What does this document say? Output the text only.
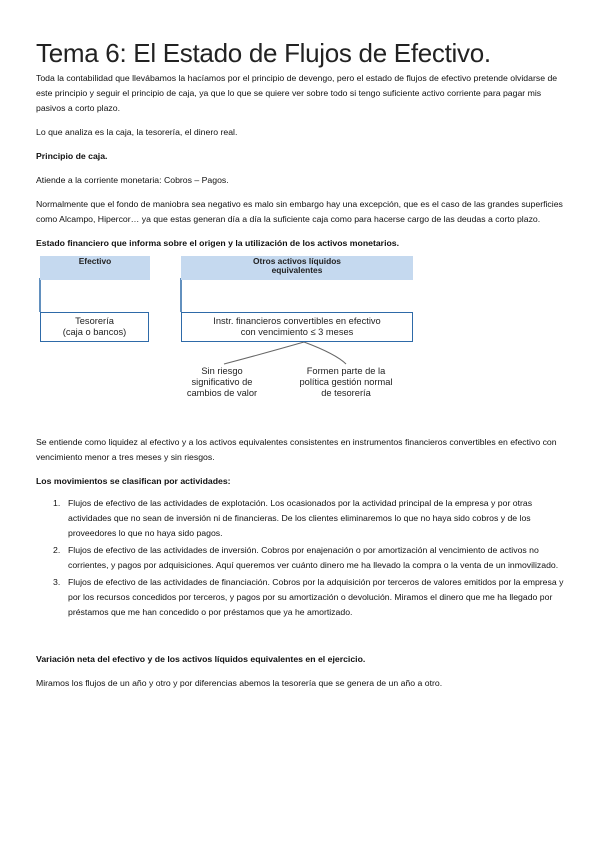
Tema 6: El Estado de Flujos de Efectivo.

Toda la contabilidad que llevábamos la hacíamos por el principio de devengo, pero el estado de flujos de efectivo pretende olvidarse de este principio y seguir el principio de caja, ya que lo que se quiere ver sobre todo si tengo suficiente activo corriente para pagar mis pasivos a corto plazo.

Lo que analiza es la caja, la tesorería, el dinero real.

Principio de caja.

Atiende a la corriente monetaria: Cobros – Pagos.

Normalmente que el fondo de maniobra sea negativo es malo sin embargo hay una excepción, que es el caso de las grandes superficies como Alcampo, Hipercor… ya que estas generan día a día la suficiente caja como para hacerse cargo de las deudas a corto plazo.

Estado financiero que informa sobre el origen y la utilización de los activos monetarios.

Efectivo	Otros activos líquidos
equivalentes
Tesorería
(caja o bancos)
Instr. financieros convertibles en efectivo
con vencimiento ≤ 3 meses
Sin riesgo
significativo de
cambios de valor
Formen parte de la
política gestión normal
de tesorería

Se entiende como liquidez al efectivo y a los activos equivalentes consistentes en instrumentos financieros convertibles en efectivo con vencimiento menor a tres meses y sin riesgos.

Los movimientos se clasifican por actividades:

1. Flujos de efectivo de las actividades de explotación. Los ocasionados por la actividad principal de la empresa y por otras actividades que no sean de inversión ni de financieras. De los clientes eliminaremos lo que no haya sido cobros y de los proveedores lo que no haya sido pagos.
2. Flujos de efectivo de las actividades de inversión. Cobros por enajenación o por amortización al vencimiento de activos no corrientes, y pagos por adquisiciones. Aquí queremos ver cuánto dinero me ha llevado la compra o la venta de un inmovilizado.
3. Flujos de efectivo de las actividades de financiación. Cobros por la adquisición por terceros de valores emitidos por la empresa y por los recursos concedidos por terceros, y pagos por su amortización o devolución. Miramos el dinero que me ha llegado por préstamos que me han concedido o por préstamos que ya he amortizado.

Variación neta del efectivo y de los activos líquidos equivalentes en el ejercicio.

Miramos los flujos de un año y otro y por diferencias abemos la tesorería que se genera de un año a otro.
